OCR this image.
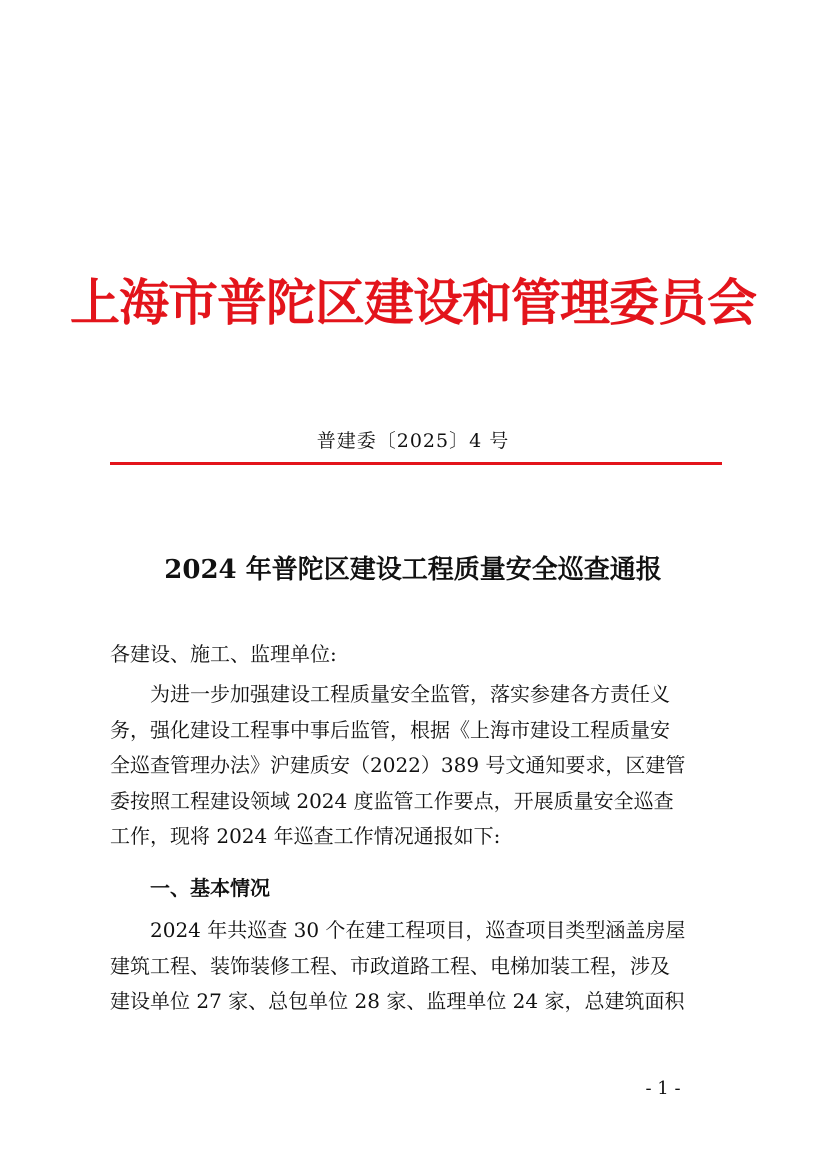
上海市普陀区建设和管理委员会
普建委〔2025〕4 号
2024 年普陀区建设工程质量安全巡查通报
各建设、施工、监理单位:
为进一步加强建设工程质量安全监管，落实参建各方责任义
务，强化建设工程事中事后监管，根据《上海市建设工程质量安
全巡查管理办法》沪建质安（2022）389 号文通知要求，区建管
委按照工程建设领域 2024 度监管工作要点，开展质量安全巡查
工作，现将 2024 年巡查工作情况通报如下:
一、基本情况
2024 年共巡查 30 个在建工程项目，巡查项目类型涵盖房屋
建筑工程、装饰装修工程、市政道路工程、电梯加装工程，涉及
建设单位 27 家、总包单位 28 家、监理单位 24 家，总建筑面积
- 1 -
